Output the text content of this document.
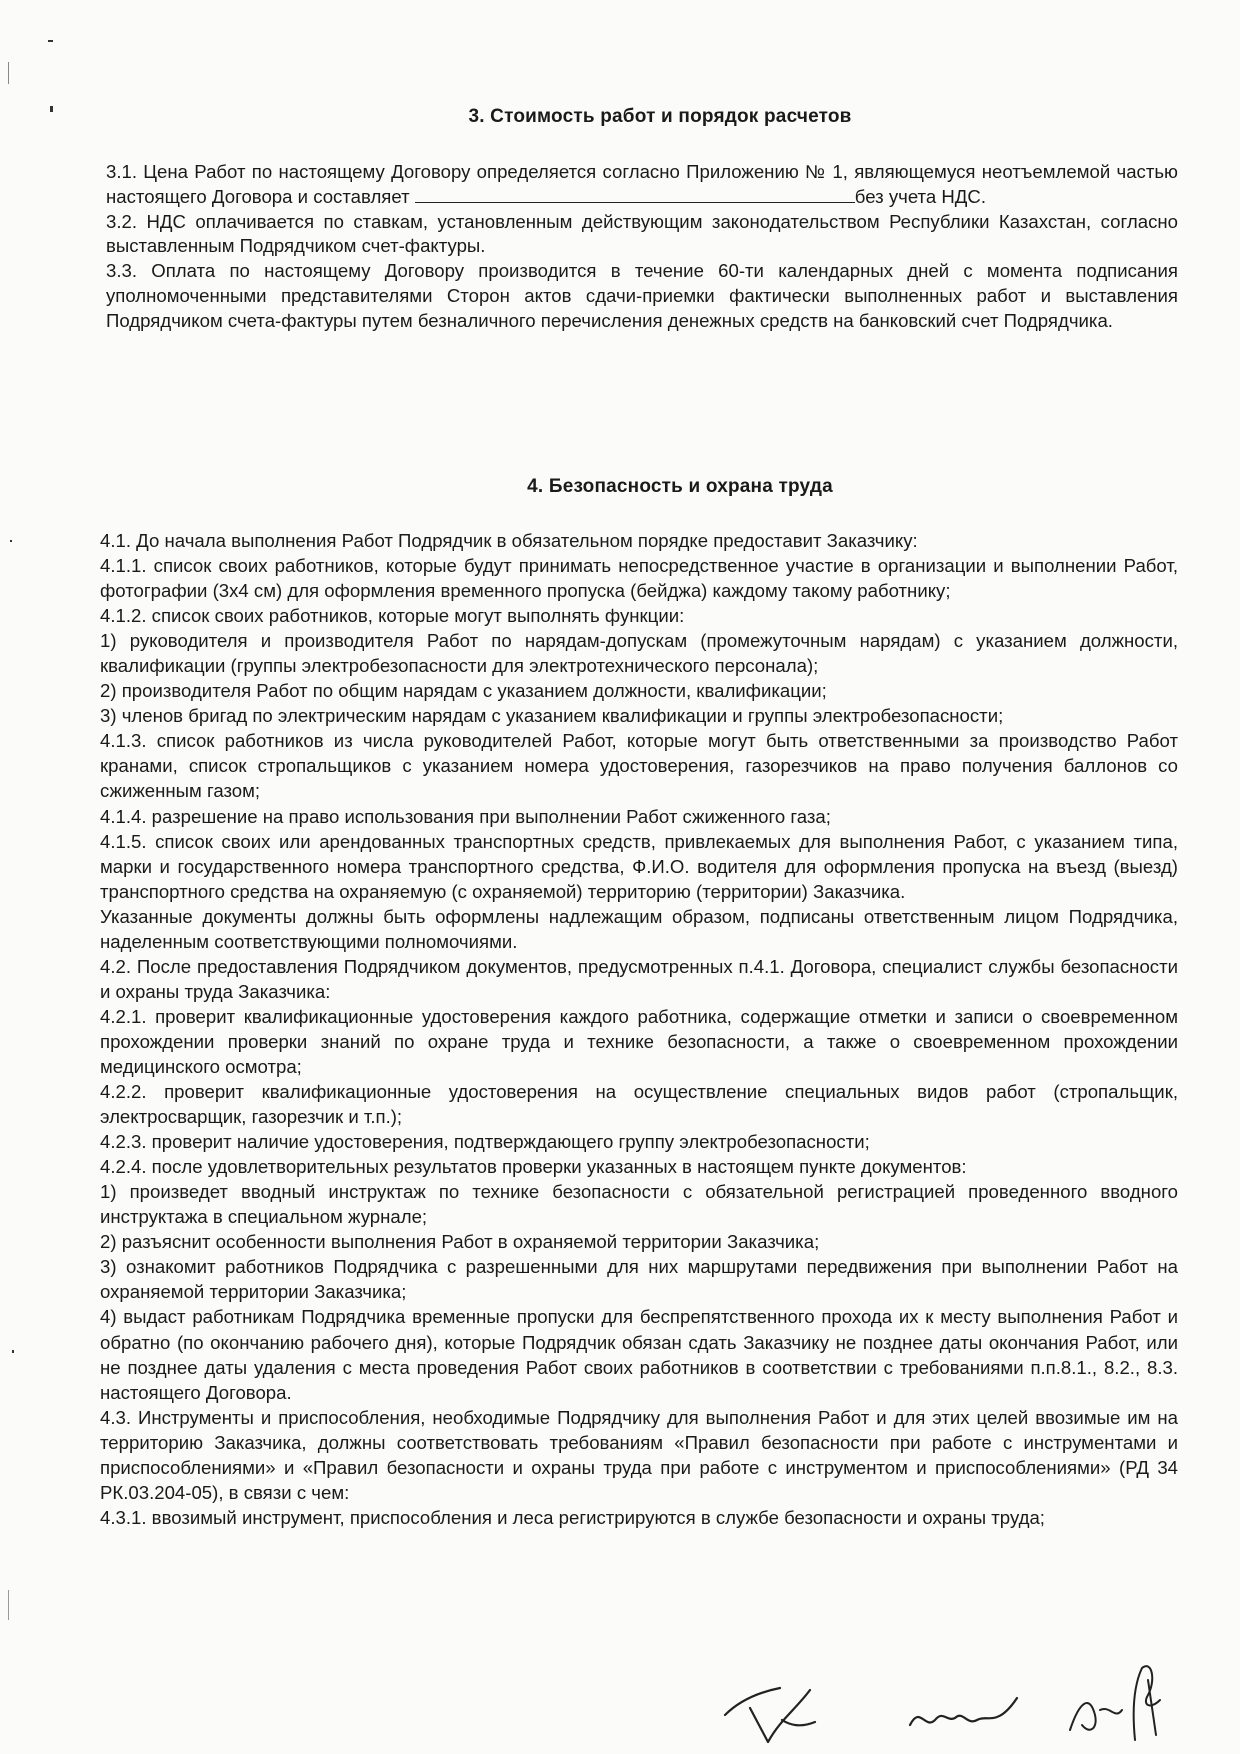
3. Стоимость работ и порядок расчетов

3.1. Цена Работ по настоящему Договору определяется согласно Приложению № 1, являющемуся неотъемлемой частью настоящего Договора и составляет	без учета НДС.

3.2. НДС оплачивается по ставкам, установленным действующим законодательством Республики Казахстан, согласно выставленным Подрядчиком счет-фактуры.

3.3. Оплата по настоящему Договору производится в течение 60-ти календарных дней с момента подписания уполномоченными представителями Сторон актов сдачи-приемки фактически выполненных работ и выставления Подрядчиком счета-фактуры путем безналичного перечисления денежных средств на банковский счет Подрядчика.

4. Безопасность и охрана труда

4.1. До начала выполнения Работ Подрядчик в обязательном порядке предоставит Заказчику:

4.1.1. список своих работников, которые будут принимать непосредственное участие в организации и выполнении Работ, фотографии (3х4 см) для оформления временного пропуска (бейджа) каждому такому работнику;

4.1.2. список своих работников, которые могут выполнять функции:

1) руководителя и производителя Работ по нарядам-допускам (промежуточным нарядам) с указанием должности, квалификации (группы электробезопасности для электротехнического персонала);

2) производителя Работ по общим нарядам с указанием должности, квалификации;

3) членов бригад по электрическим нарядам с указанием квалификации и группы электробезопасности;

4.1.3. список работников из числа руководителей Работ, которые могут быть ответственными за производство Работ кранами, список стропальщиков с указанием номера удостоверения, газорезчиков на право получения баллонов со сжиженным газом;

4.1.4. разрешение на право использования при выполнении Работ сжиженного газа;

4.1.5. список своих или арендованных транспортных средств, привлекаемых для выполнения Работ, с указанием типа, марки и государственного номера транспортного средства, Ф.И.О. водителя для оформления пропуска на въезд (выезд) транспортного средства на охраняемую (с охраняемой) территорию (территории) Заказчика.

Указанные документы должны быть оформлены надлежащим образом, подписаны ответственным лицом Подрядчика, наделенным соответствующими полномочиями.

4.2. После предоставления Подрядчиком документов, предусмотренных п.4.1. Договора, специалист службы безопасности и охраны труда Заказчика:

4.2.1. проверит квалификационные удостоверения каждого работника, содержащие отметки и записи о своевременном прохождении проверки знаний по охране труда и технике безопасности, а также о своевременном прохождении медицинского осмотра;

4.2.2. проверит квалификационные удостоверения на осуществление специальных видов работ (стропальщик, электросварщик, газорезчик и т.п.);

4.2.3. проверит наличие удостоверения, подтверждающего группу электробезопасности;

4.2.4. после удовлетворительных результатов проверки указанных в настоящем пункте документов:

1) произведет вводный инструктаж по технике безопасности с обязательной регистрацией проведенного вводного инструктажа в специальном журнале;

2) разъяснит особенности выполнения Работ в охраняемой территории Заказчика;

3) ознакомит работников Подрядчика с разрешенными для них маршрутами передвижения при выполнении Работ на охраняемой территории Заказчика;

4) выдаст работникам Подрядчика временные пропуски для беспрепятственного прохода их к месту выполнения Работ и обратно (по окончанию рабочего дня), которые Подрядчик обязан сдать Заказчику не позднее даты окончания Работ, или не позднее даты удаления с места проведения Работ своих работников в соответствии с требованиями п.п.8.1., 8.2., 8.3. настоящего Договора.

4.3. Инструменты и приспособления, необходимые Подрядчику для выполнения Работ и для этих целей ввозимые им на территорию Заказчика, должны соответствовать требованиям «Правил безопасности при работе с инструментами и приспособлениями» и «Правил безопасности и охраны труда при работе с инструментом и приспособлениями» (РД 34 РК.03.204-05), в связи с чем:

4.3.1. ввозимый инструмент, приспособления и леса регистрируются в службе безопасности и охраны труда;
